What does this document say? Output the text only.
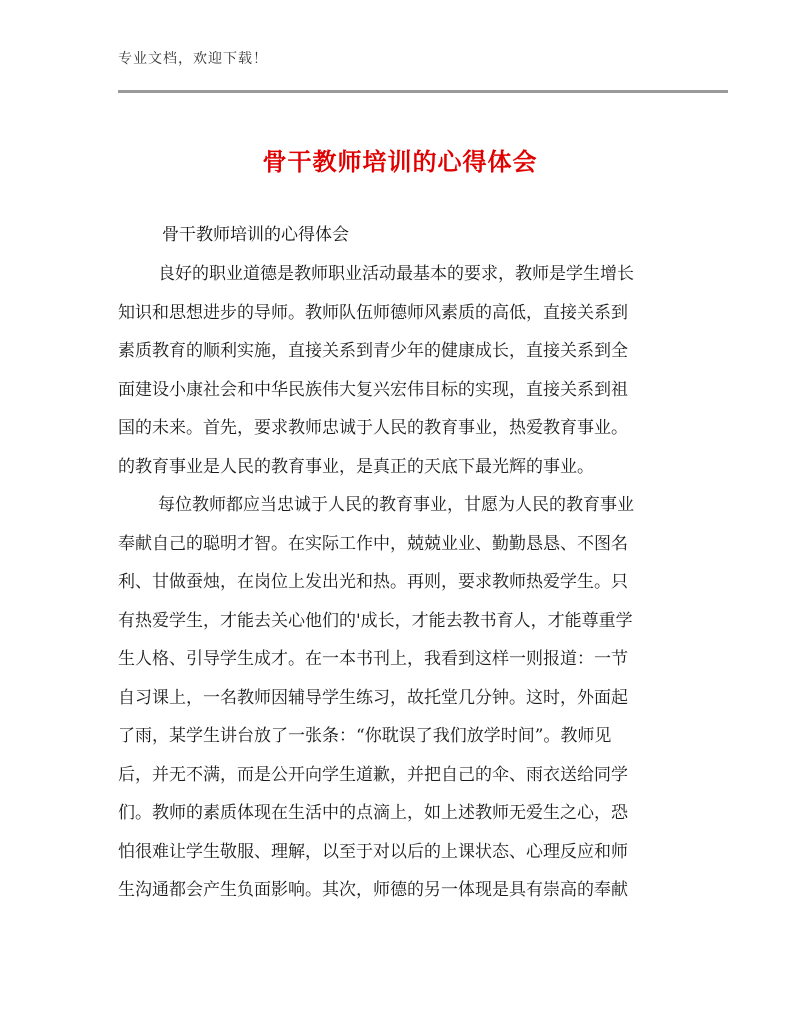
专业文档，欢迎下载！
骨干教师培训的心得体会
骨干教师培训的心得体会
良好的职业道德是教师职业活动最基本的要求，教师是学生增长
知识和思想进步的导师。教师队伍师德师风素质的高低，直接关系到
素质教育的顺利实施，直接关系到青少年的健康成长，直接关系到全
面建设小康社会和中华民族伟大复兴宏伟目标的实现，直接关系到祖
国的未来。首先，要求教师忠诚于人民的教育事业，热爱教育事业。
的教育事业是人民的教育事业，是真正的天底下最光辉的事业。
每位教师都应当忠诚于人民的教育事业，甘愿为人民的教育事业
奉献自己的聪明才智。在实际工作中，兢兢业业、勤勤恳恳、不图名
利、甘做蚕烛，在岗位上发出光和热。再则，要求教师热爱学生。只
有热爱学生，才能去关心他们的'成长，才能去教书育人，才能尊重学
生人格、引导学生成才。在一本书刊上，我看到这样一则报道：一节
自习课上，一名教师因辅导学生练习，故托堂几分钟。这时，外面起
了雨，某学生讲台放了一张条：“你耽误了我们放学时间”。教师见
后，并无不满，而是公开向学生道歉，并把自己的伞、雨衣送给同学
们。教师的素质体现在生活中的点滴上，如上述教师无爱生之心，恐
怕很难让学生敬服、理解，以至于对以后的上课状态、心理反应和师
生沟通都会产生负面影响。其次，师德的另一体现是具有崇高的奉献
